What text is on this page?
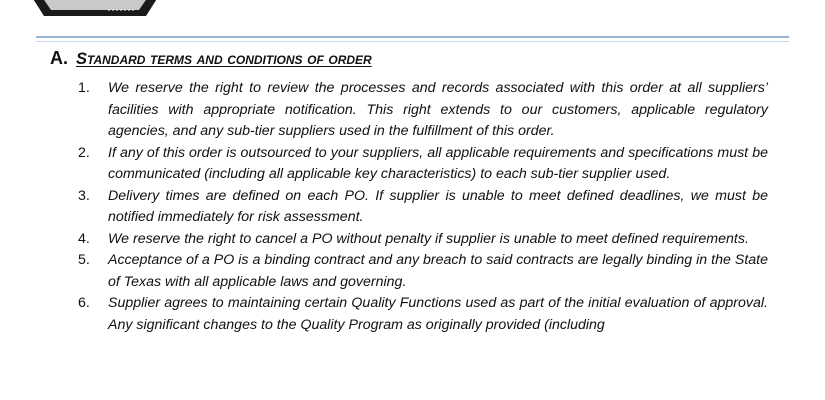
A. Standard terms and conditions of order
1.	We reserve the right to review the processes and records associated with this order at all suppliers’ facilities with appropriate notification. This right extends to our customers, applicable regulatory agencies, and any sub-tier suppliers used in the fulfillment of this order.
2.	If any of this order is outsourced to your suppliers, all applicable requirements and specifications must be communicated (including all applicable key characteristics) to each sub-tier supplier used.
3.	Delivery times are defined on each PO. If supplier is unable to meet defined deadlines, we must be notified immediately for risk assessment.
4.	We reserve the right to cancel a PO without penalty if supplier is unable to meet defined requirements.
5.	Acceptance of a PO is a binding contract and any breach to said contracts are legally binding in the State of Texas with all applicable laws and governing.
6.	Supplier agrees to maintaining certain Quality Functions used as part of the initial evaluation of approval. Any significant changes to the Quality Program as originally provided (including
